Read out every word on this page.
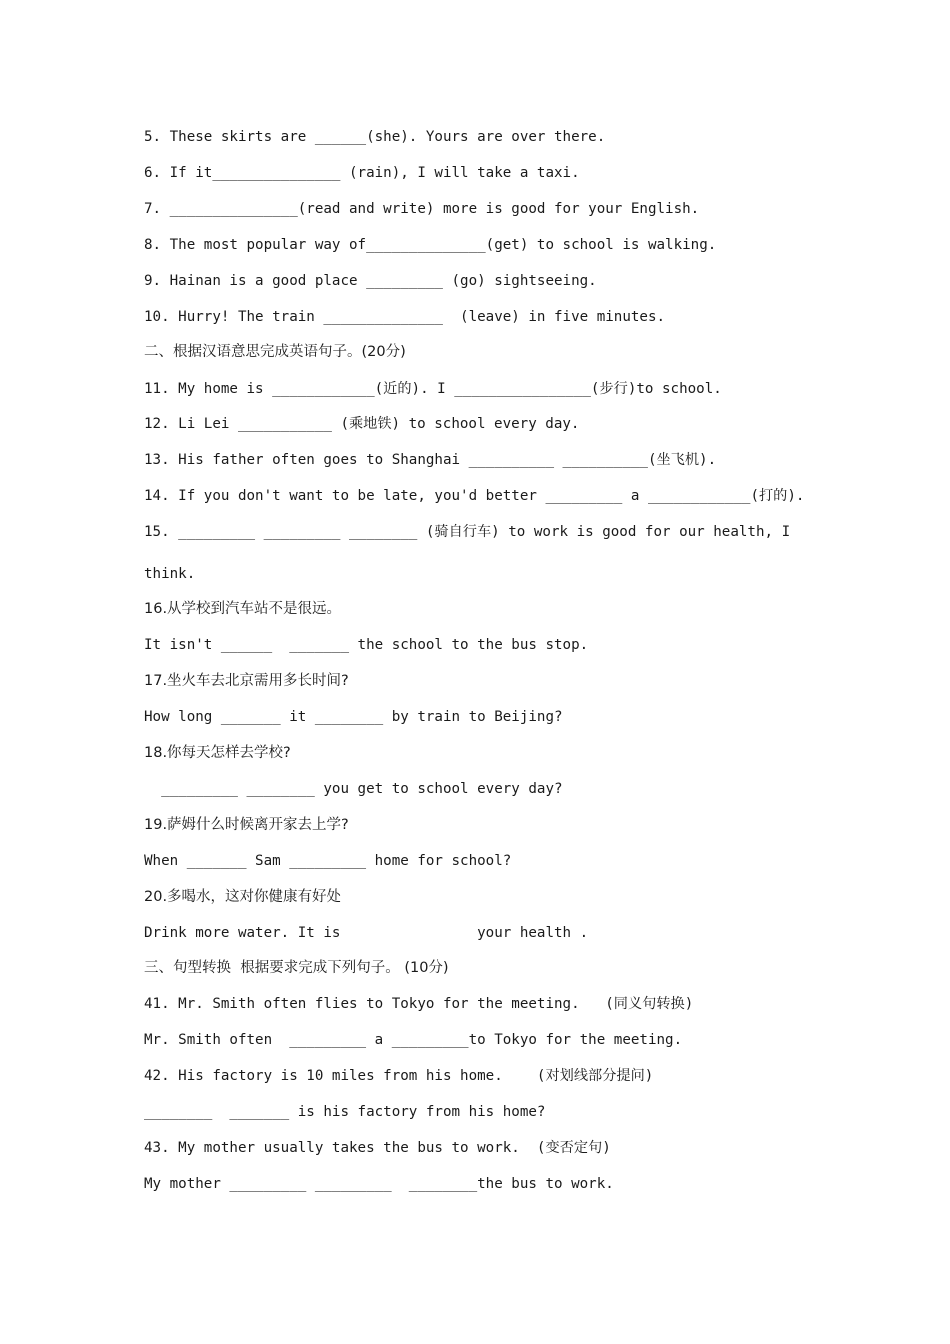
5. These skirts are ______(she). Yours are over there.
6. If it_______________ (rain), I will take a taxi.
7. _______________(read and write) more is good for your English.
8. The most popular way of______________(get) to school is walking.
9. Hainan is a good place _________ (go) sightseeing.
10. Hurry! The train ______________  (leave) in five minutes.
二、根据汉语意思完成英语句子。(20分)
11. My home is ____________(近的). I ________________(步行)to school.
12. Li Lei ___________ (乘地铁) to school every day.
13. His father often goes to Shanghai __________ __________(坐飞机).
14. If you don't want to be late, you'd better _________ a ____________(打的).
15. _________ _________ ________ (骑自行车) to work is good for our health, I
think.
16.从学校到汽车站不是很远。
It isn't ______  _______ the school to the bus stop.
17.坐火车去北京需用多长时间?
How long _______ it ________ by train to Beijing?
18.你每天怎样去学校?
_________ ________ you get to school every day?
19.萨姆什么时候离开家去上学?
When _______ Sam _________ home for school?
20.多喝水，这对你健康有好处
Drink more water. It is                your health .
三、句型转换  根据要求完成下列句子。 (10分)
41. Mr. Smith often flies to Tokyo for the meeting.   (同义句转换)
Mr. Smith often  _________ a _________to Tokyo for the meeting.
42. His factory is 10 miles from his home.    (对划线部分提问)
________  _______ is his factory from his home?
43. My mother usually takes the bus to work.  (变否定句)
My mother _________ _________  ________the bus to work.
